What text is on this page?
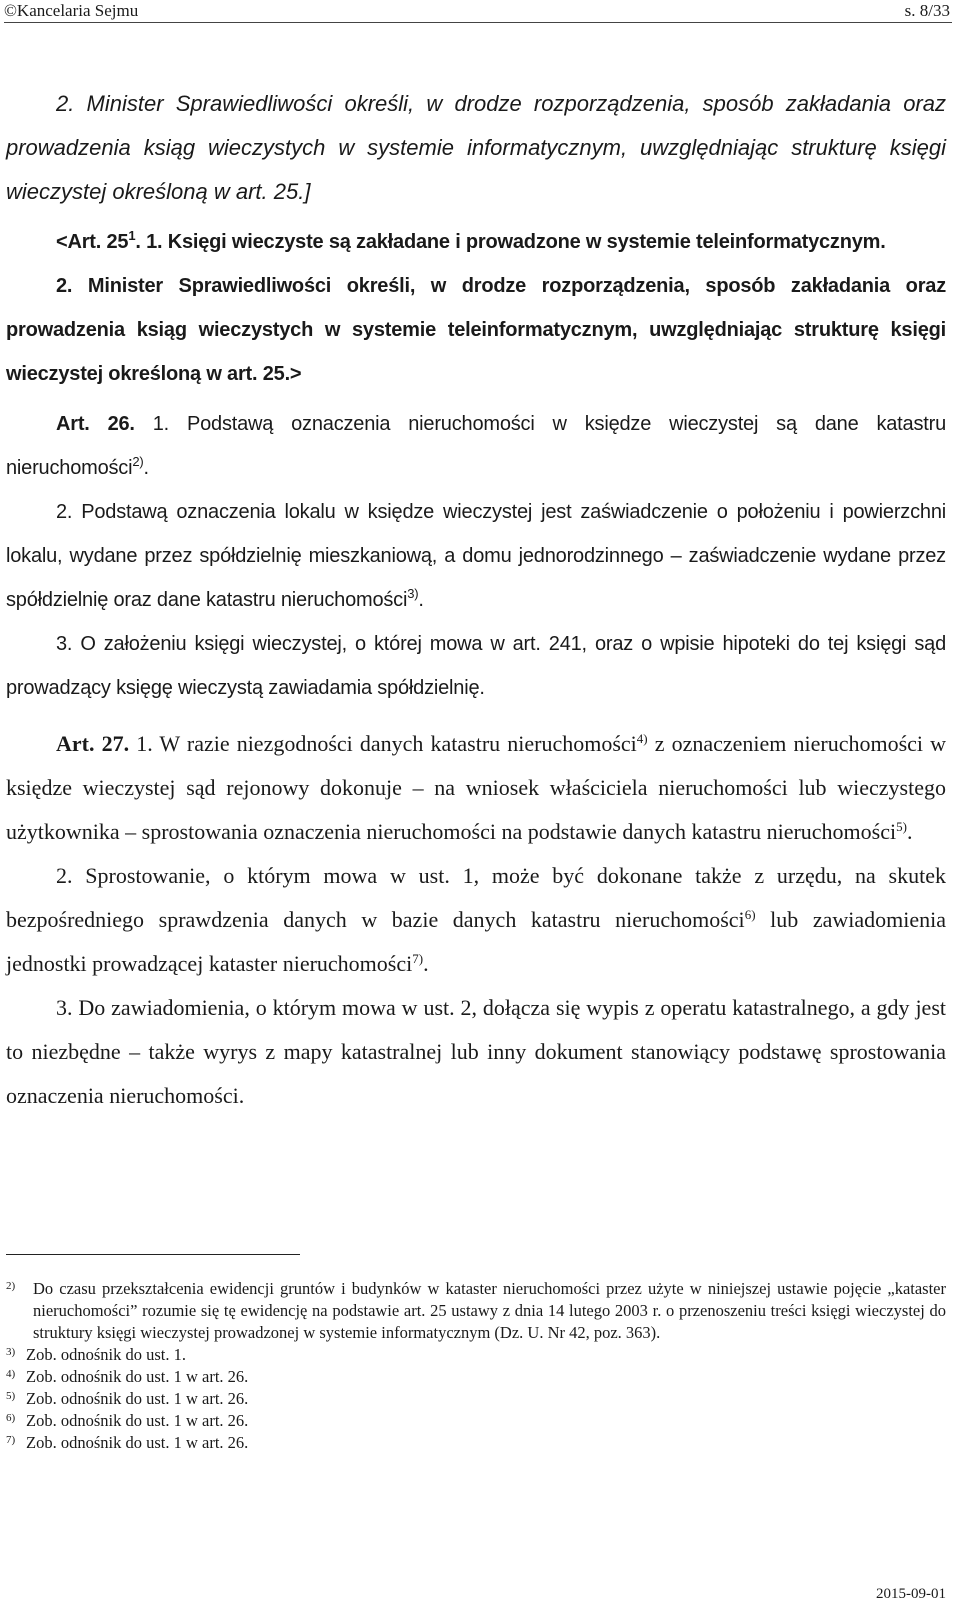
©Kancelaria Sejmu	s. 8/33

2. Minister Sprawiedliwości określi, w drodze rozporządzenia, sposób zakładania oraz prowadzenia ksiąg wieczystych w systemie informatycznym, uwzględniając strukturę księgi wieczystej określoną w art. 25.]

<Art. $25^1$. 1. Księgi wieczyste są zakładane i prowadzone w systemie teleinformatycznym.

2. Minister Sprawiedliwości określi, w drodze rozporządzenia, sposób zakładania oraz prowadzenia ksiąg wieczystych w systemie teleinformatycznym, uwzględniając strukturę księgi wieczystej określoną w art. 25.>

Art. 26. 1. Podstawą oznaczenia nieruchomości w księdze wieczystej są dane katastru nieruchomości$^{2)}$.

2. Podstawą oznaczenia lokalu w księdze wieczystej jest zaświadczenie o położeniu i powierzchni lokalu, wydane przez spółdzielnię mieszkaniową, a domu jednorodzinnego – zaświadczenie wydane przez spółdzielnię oraz dane katastru nieruchomości$^{3)}$.

3. O założeniu księgi wieczystej, o której mowa w art. 241, oraz o wpisie hipoteki do tej księgi sąd prowadzący księgę wieczystą zawiadamia spółdzielnię.

Art. 27. 1. W razie niezgodności danych katastru nieruchomości$^{4)}$ z oznaczeniem nieruchomości w księdze wieczystej sąd rejonowy dokonuje – na wniosek właściciela nieruchomości lub wieczystego użytkownika – sprostowania oznaczenia nieruchomości na podstawie danych katastru nieruchomości$^{5)}$.

2. Sprostowanie, o którym mowa w ust. 1, może być dokonane także z urzędu, na skutek bezpośredniego sprawdzenia danych w bazie danych katastru nieruchomości$^{6)}$ lub zawiadomienia jednostki prowadzącej kataster nieruchomości$^{7)}$.

3. Do zawiadomienia, o którym mowa w ust. 2, dołącza się wypis z operatu katastralnego, a gdy jest to niezbędne – także wyrys z mapy katastralnej lub inny dokument stanowiący podstawę sprostowania oznaczenia nieruchomości.

2) Do czasu przekształcenia ewidencji gruntów i budynków w kataster nieruchomości przez użyte w niniejszej ustawie pojęcie „kataster nieruchomości” rozumie się tę ewidencję na podstawie art. 25 ustawy z dnia 14 lutego 2003 r. o przenoszeniu treści księgi wieczystej do struktury księgi wieczystej prowadzonej w systemie informatycznym (Dz. U. Nr 42, poz. 363).

3) Zob. odnośnik do ust. 1.

4) Zob. odnośnik do ust. 1 w art. 26.

5) Zob. odnośnik do ust. 1 w art. 26.

6) Zob. odnośnik do ust. 1 w art. 26.

7) Zob. odnośnik do ust. 1 w art. 26.

2015-09-01
